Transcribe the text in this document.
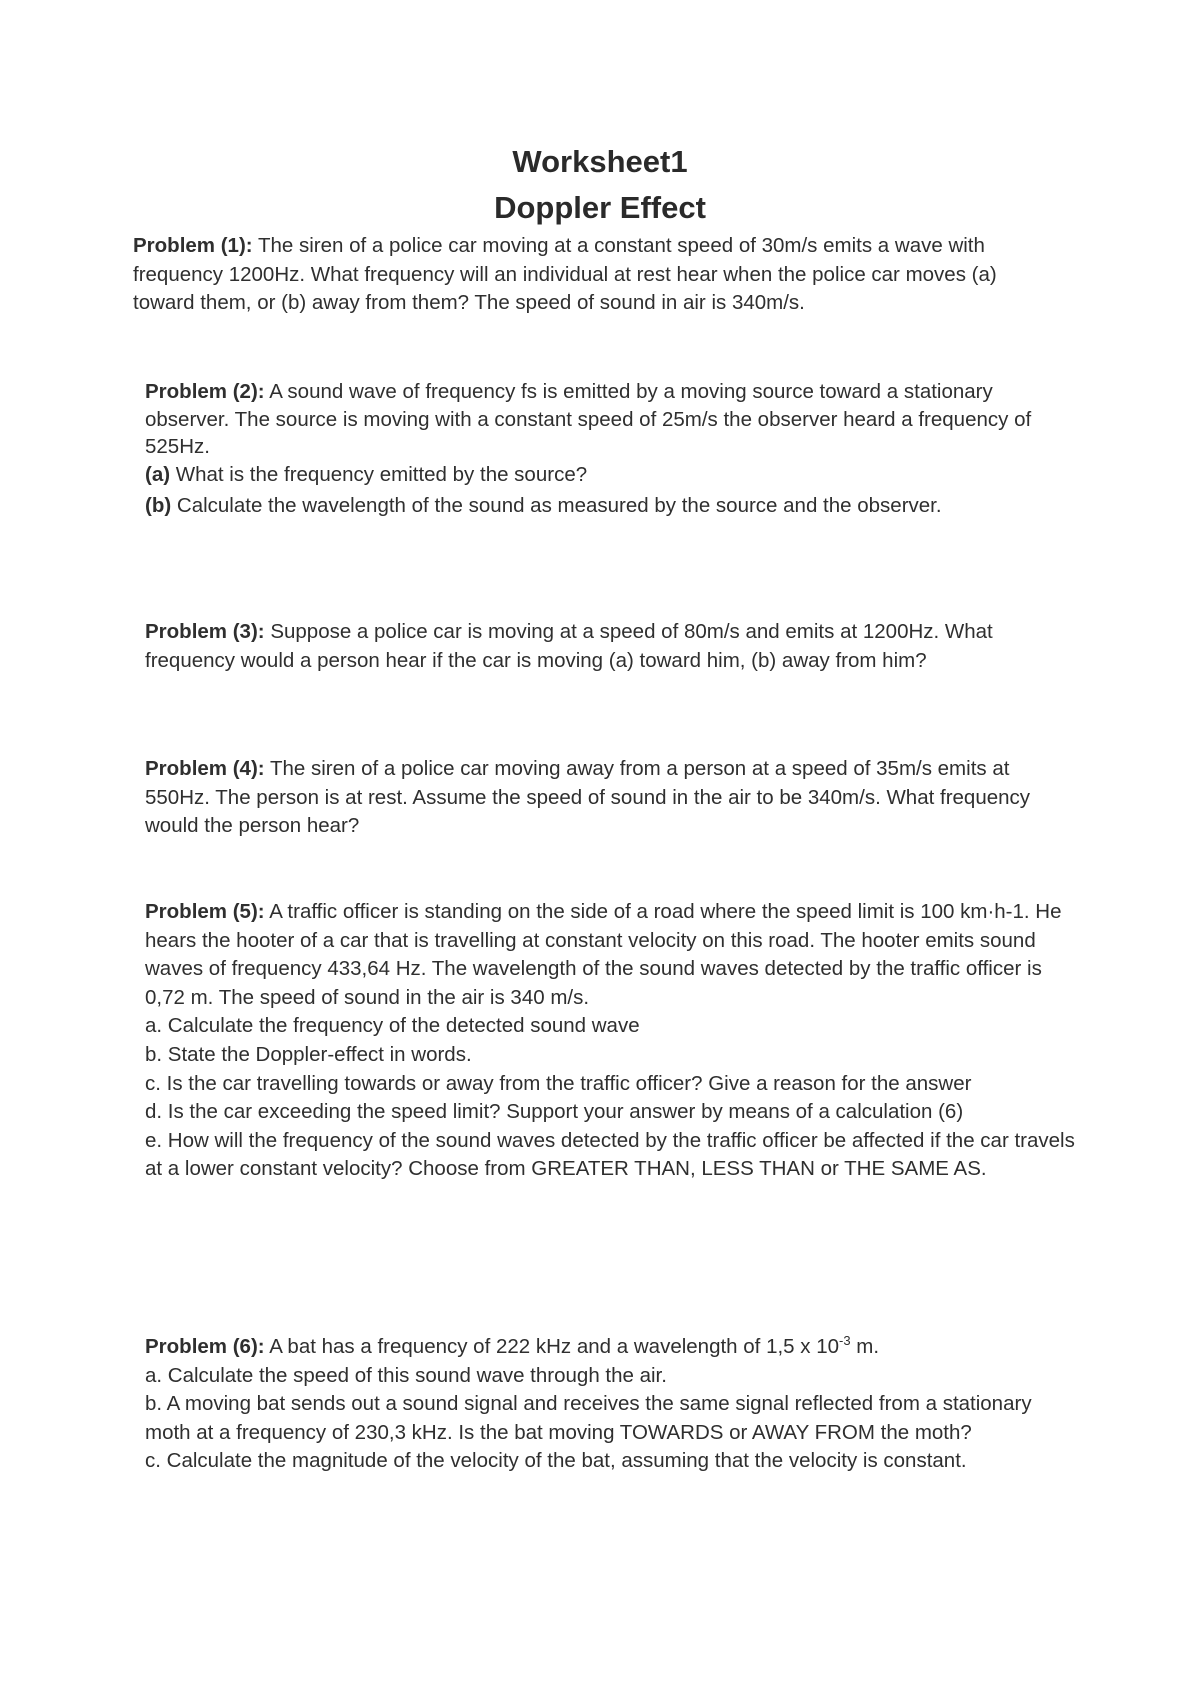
Worksheet1
Doppler Effect

Problem (1): The siren of a police car moving at a constant speed of 30m/s emits a wave with frequency 1200Hz. What frequency will an individual at rest hear when the police car moves (a) toward them, or (b) away from them? The speed of sound in air is 340m/s.

Problem (2): A sound wave of frequency fs is emitted by a moving source toward a stationary observer. The source is moving with a constant speed of 25m/s the observer heard a frequency of 525Hz.

(a) What is the frequency emitted by the source?

(b) Calculate the wavelength of the sound as measured by the source and the observer.

Problem (3): Suppose a police car is moving at a speed of 80m/s and emits at 1200Hz. What frequency would a person hear if the car is moving (a) toward him, (b) away from him?

Problem (4): The siren of a police car moving away from a person at a speed of 35m/s emits at 550Hz. The person is at rest. Assume the speed of sound in the air to be 340m/s. What frequency would the person hear?

Problem (5): A traffic officer is standing on the side of a road where the speed limit is 100 km·h-1. He hears the hooter of a car that is travelling at constant velocity on this road. The hooter emits sound waves of frequency 433,64 Hz. The wavelength of the sound waves detected by the traffic officer is 0,72 m. The speed of sound in the air is 340 m/s.

a. Calculate the frequency of the detected sound wave

b. State the Doppler-effect in words.

c. Is the car travelling towards or away from the traffic officer? Give a reason for the answer

d. Is the car exceeding the speed limit? Support your answer by means of a calculation (6)

e. How will the frequency of the sound waves detected by the traffic officer be affected if the car travels at a lower constant velocity? Choose from GREATER THAN, LESS THAN or THE SAME AS.

Problem (6): A bat has a frequency of 222 kHz and a wavelength of 1,5 x $10^{-3}$ m.

a. Calculate the speed of this sound wave through the air.

b. A moving bat sends out a sound signal and receives the same signal reflected from a stationary moth at a frequency of 230,3 kHz. Is the bat moving TOWARDS or AWAY FROM the moth?

c. Calculate the magnitude of the velocity of the bat, assuming that the velocity is constant.
